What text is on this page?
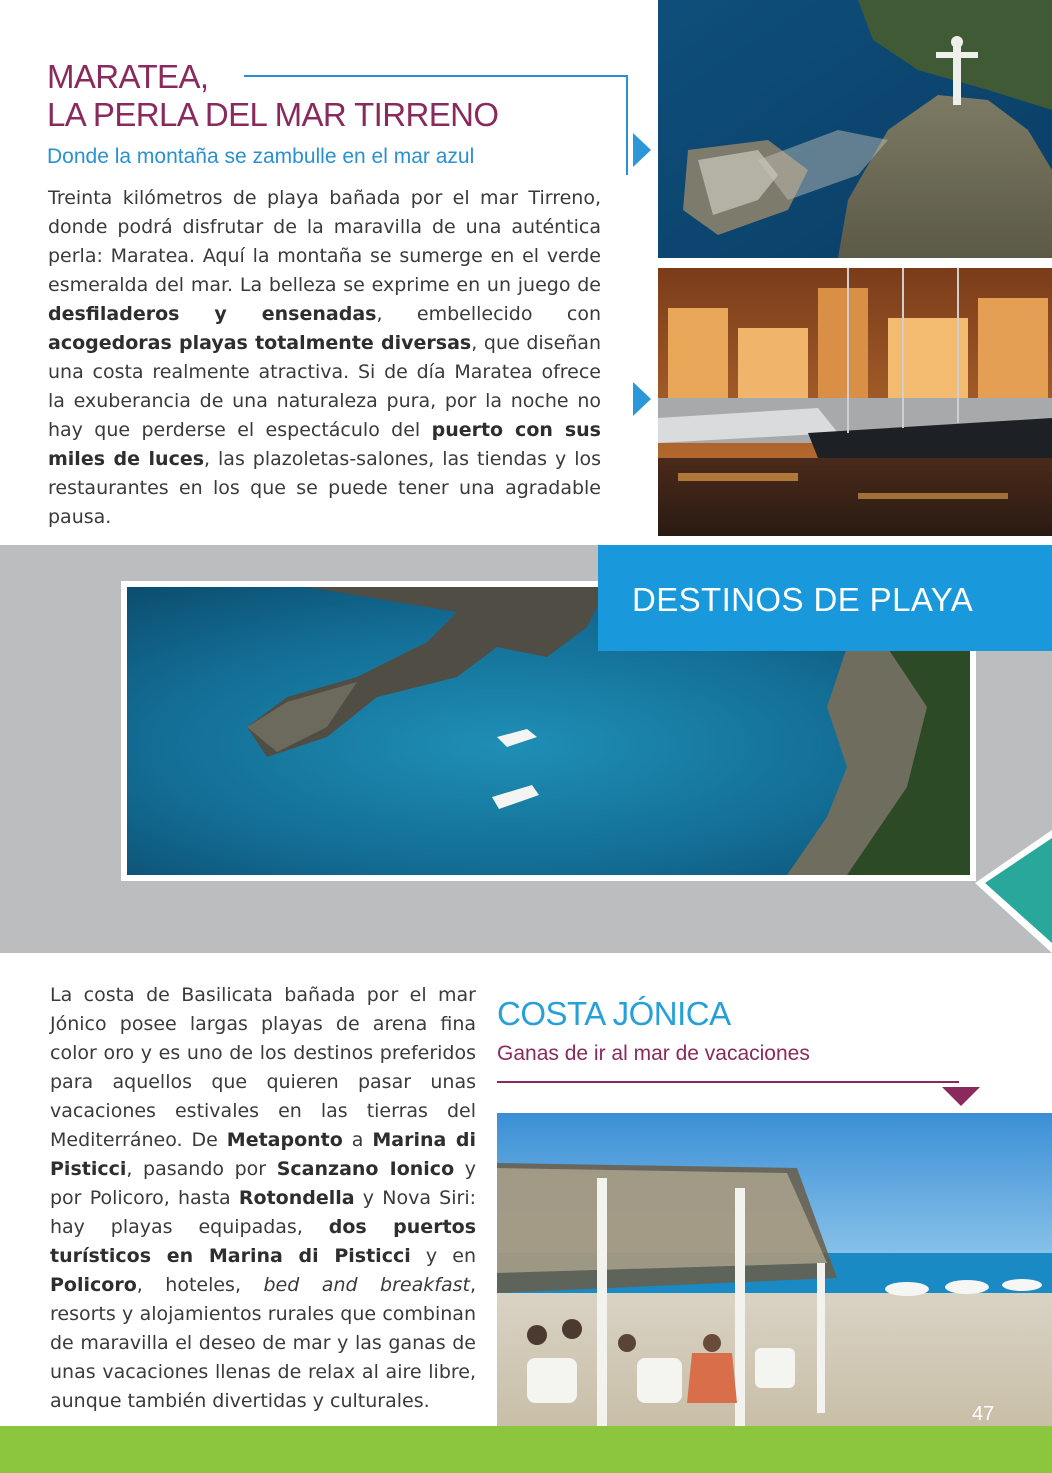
MARATEA,
LA PERLA DEL MAR TIRRENO
Donde la montaña se zambulle en el mar azul

Treinta kilómetros de playa bañada por el mar Tirreno, donde podrá disfrutar de la maravilla de una auténtica perla: Maratea. Aquí la montaña se sumerge en el verde esmeralda del mar. La belleza se exprime en un juego de desfiladeros y ensenadas, embellecido con acogedoras playas totalmente diversas, que diseñan una costa realmente atractiva. Si de día Maratea ofrece la exuberancia de una naturaleza pura, por la noche no hay que perderse el espectáculo del puerto con sus miles de luces, las plazoletas-salones, las tiendas y los restaurantes en los que se puede tener una agradable pausa.

DESTINOS DE PLAYA

La costa de Basilicata bañada por el mar Jónico posee largas playas de arena fina color oro y es uno de los destinos preferidos para aquellos que quieren pasar unas vacaciones estivales en las tierras del Mediterráneo. De Metaponto a Marina di Pisticci, pasando por Scanzano Ionico y por Policoro, hasta Rotondella y Nova Siri: hay playas equipadas, dos puertos turísticos en Marina di Pisticci y en Policoro, hoteles, bed and breakfast, resorts y alojamientos rurales que combinan de maravilla el deseo de mar y las ganas de unas vacaciones llenas de relax al aire libre, aunque también divertidas y culturales.

COSTA JÓNICA
Ganas de ir al mar de vacaciones
47
